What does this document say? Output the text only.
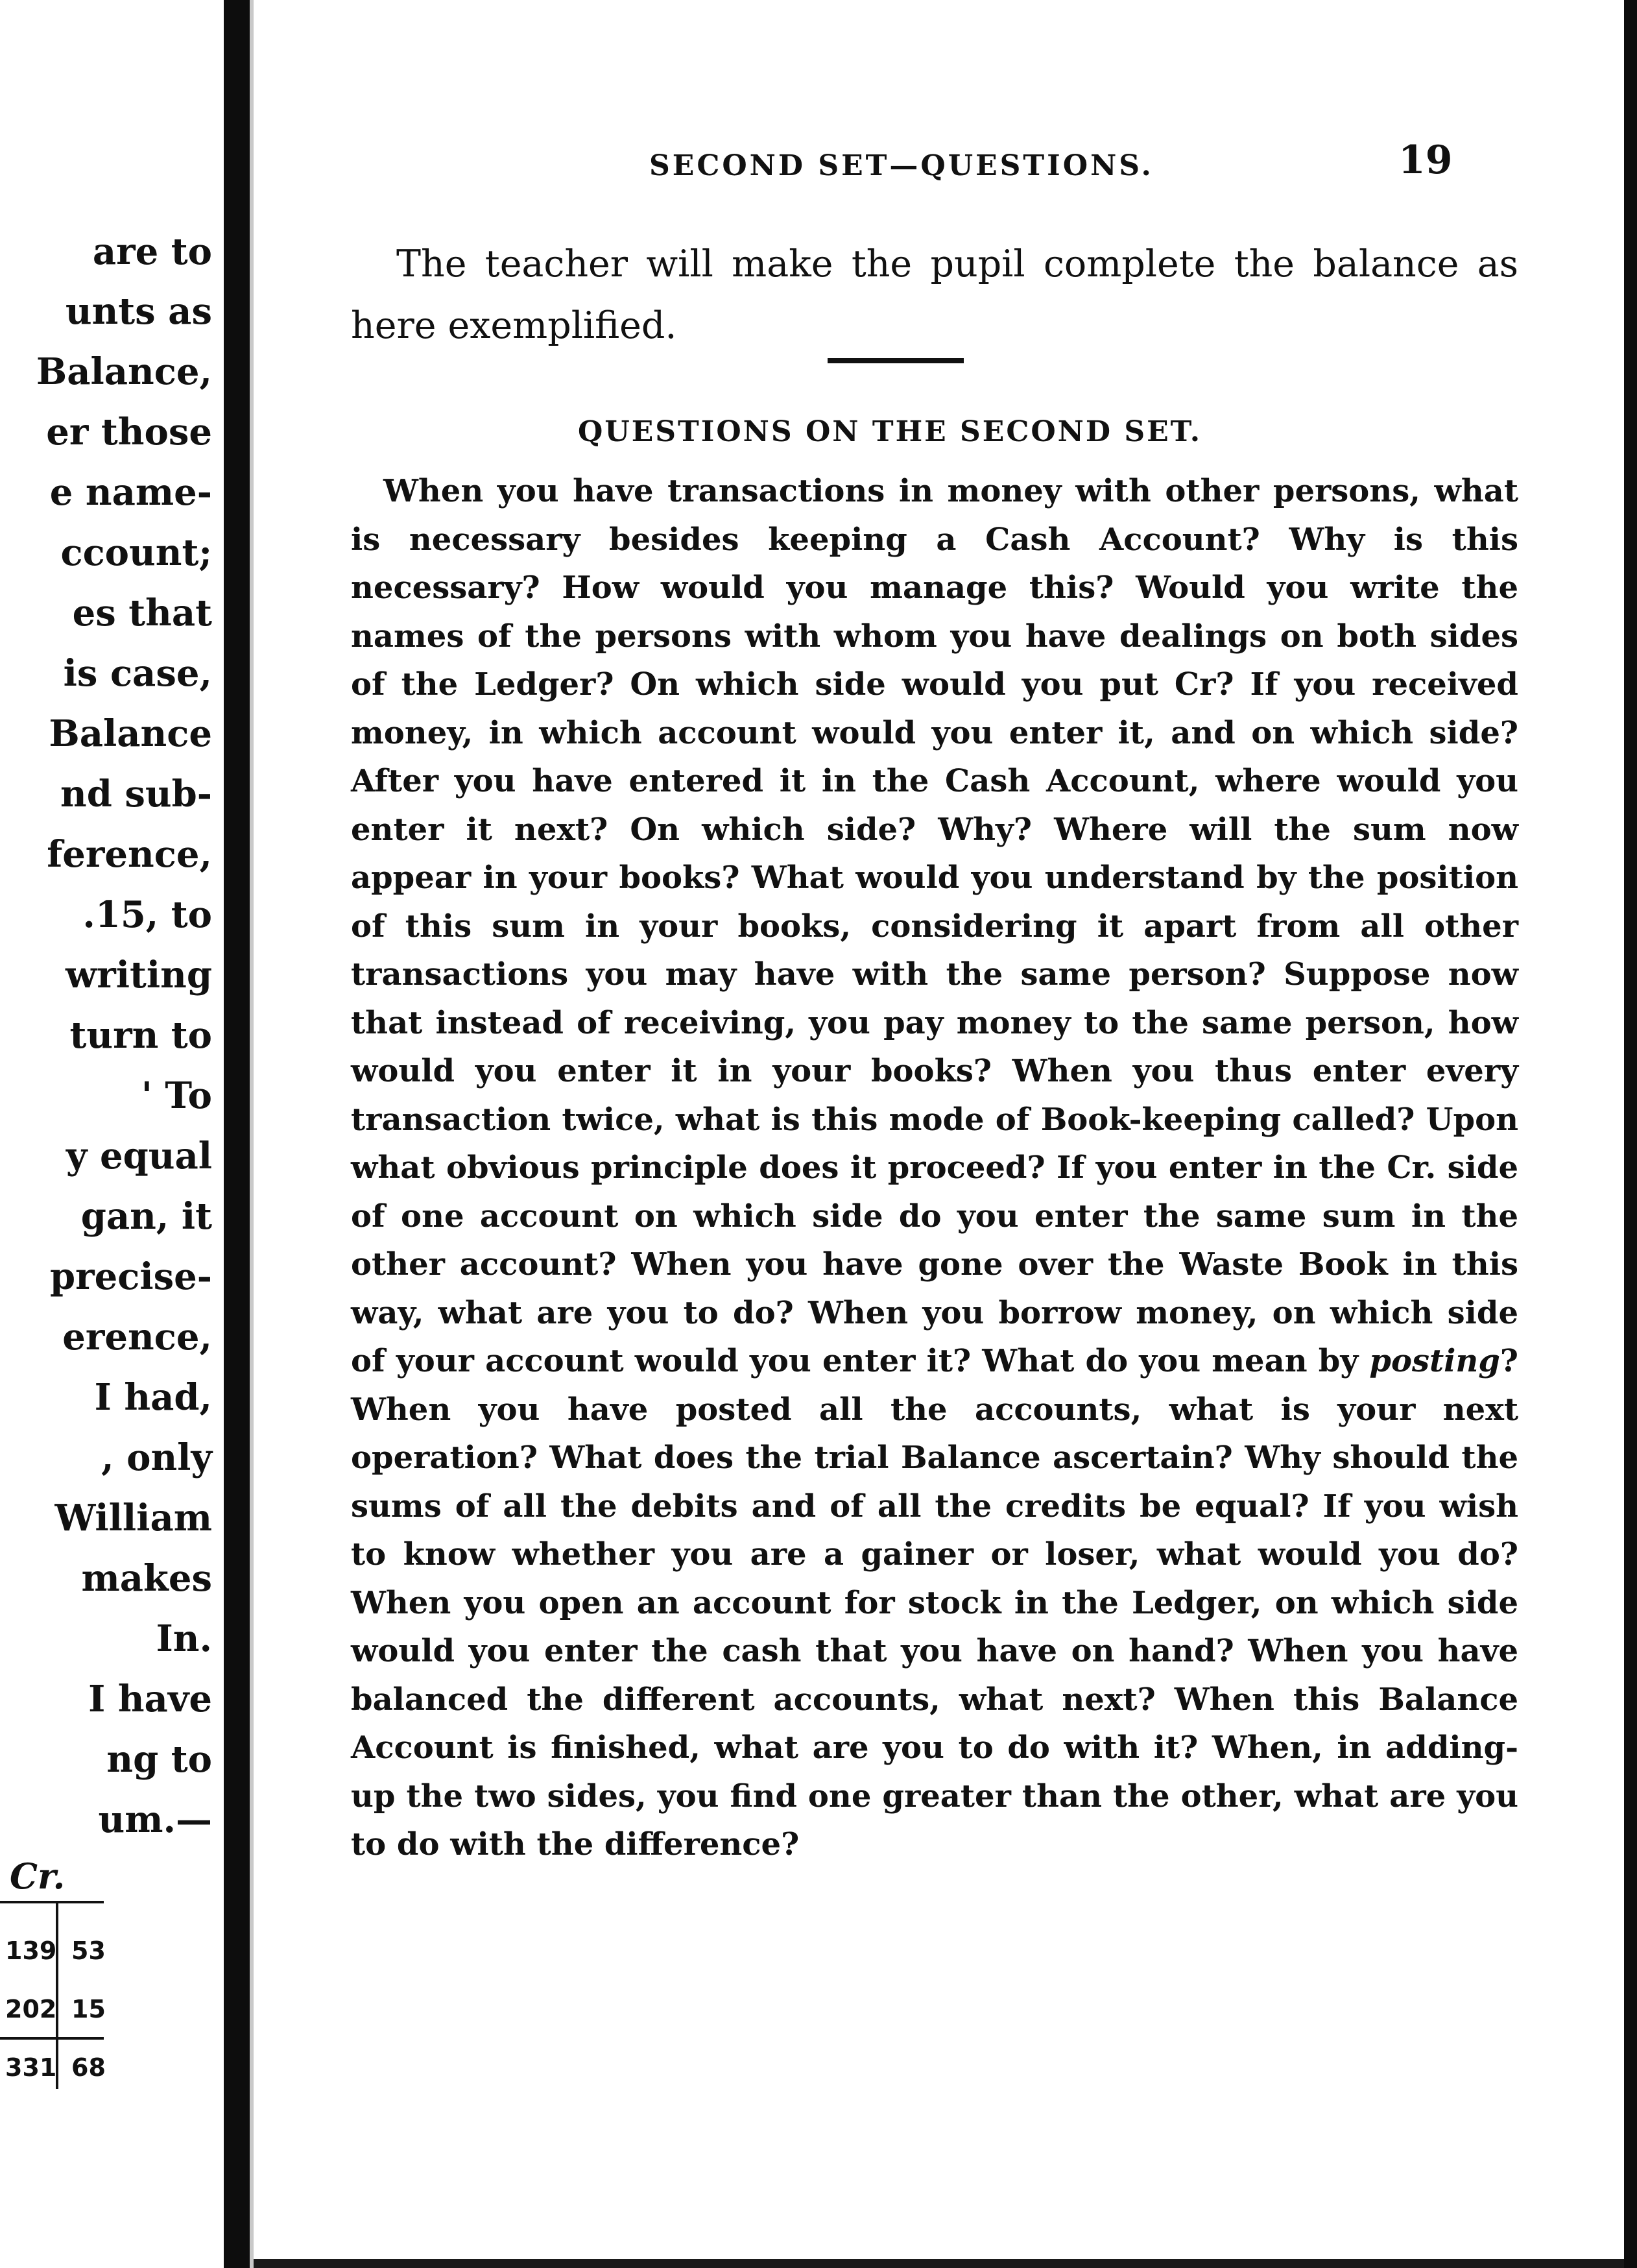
are to
unts as
Balance,
er those
e name-
ccount;
es that
is case,
Balance
nd sub-
ference,
.15, to
writing
turn to
' To
y equal
gan, it
precise-
erence,
I had,
, only
William
makes
In.
I have
ng to
um.—
Cr.
139 53
202 15
331 68
SECOND SET—QUESTIONS.	19

The teacher will make the pupil complete the balance as here exemplified.

QUESTIONS ON THE SECOND SET.

When you have transactions in money with other persons, what is necessary besides keeping a Cash Account? Why is this necessary? How would you manage this? Would you write the names of the persons with whom you have dealings on both sides of the Ledger? On which side would you put Cr? If you received money, in which account would you enter it, and on which side? After you have entered it in the Cash Account, where would you enter it next? On which side? Why? Where will the sum now appear in your books? What would you understand by the position of this sum in your books, considering it apart from all other transactions you may have with the same person? Suppose now that instead of receiving, you pay money to the same person, how would you enter it in your books? When you thus enter every transaction twice, what is this mode of Book-keeping called? Upon what obvious principle does it proceed? If you enter in the Cr. side of one account on which side do you enter the same sum in the other account? When you have gone over the Waste Book in this way, what are you to do? When you borrow money, on which side of your account would you enter it? What do you mean by posting? When you have posted all the accounts, what is your next operation? What does the trial Balance ascertain? Why should the sums of all the debits and of all the credits be equal? If you wish to know whether you are a gainer or loser, what would you do? When you open an account for stock in the Ledger, on which side would you enter the cash that you have on hand? When you have balanced the different accounts, what next? When this Balance Account is finished, what are you to do with it? When, in adding-up the two sides, you find one greater than the other, what are you to do with the difference?
